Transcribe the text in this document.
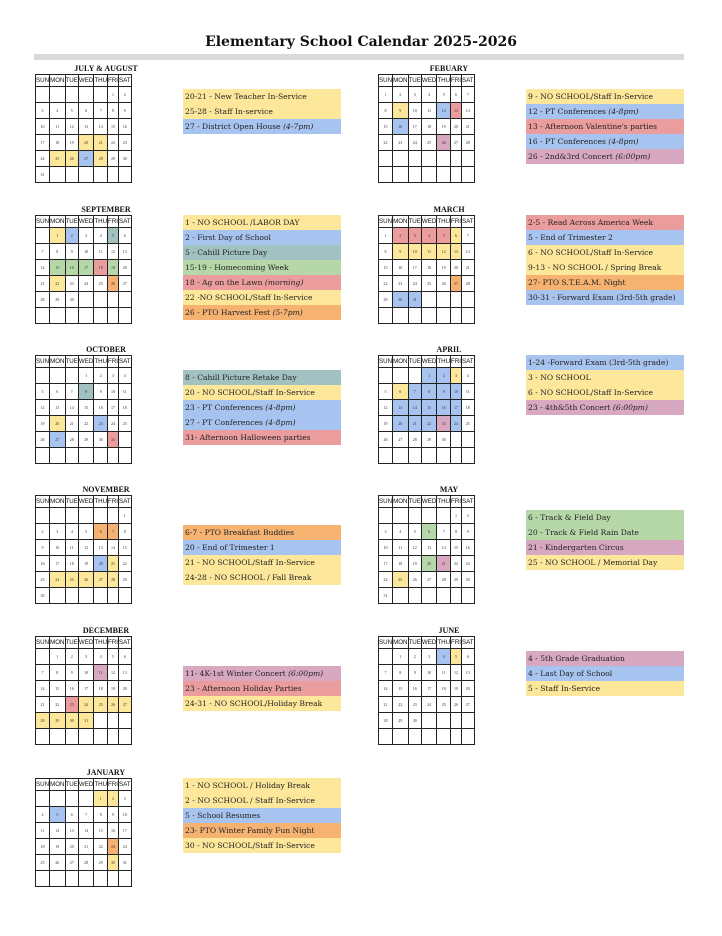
Elementary School Calendar 2025-2026
JULY & AUGUST
SUN	MON	TUE	WED	THU	FRI	SAT
					1	2
3	4	5	6	7	8	9
10	11	12	13	14	15	16
17	18	19	20	21	22	23
24	25	26	27	28	29	30
31						
20-21 - New Teacher In-Service
25-28 - Staff In-service
27 - District Open House (4-7pm)
SEPTEMBER
SUN	MON	TUE	WED	THU	FRI	SAT
	1	2	3	4	5	6
7	8	9	10	11	12	13
14	15	16	17	18	19	20
21	22	23	24	25	26	27
28	29	30				

1 - NO SCHOOL /LABOR DAY
2 - First Day of School
5 - Cahill Picture Day
15-19 - Homecoming Week
18 - Ag on the Lawn (morning)
22 -NO SCHOOL/Staff In-Service
26 - PTO Harvest Fest (5-7pm)
OCTOBER
SUN	MON	TUE	WED	THU	FRI	SAT
			1	2	3	4
5	6	7	8	9	10	11
12	13	14	15	16	17	18
19	20	21	22	23	24	25
26	27	28	29	30	31	

8 - Cahill Picture Retake Day
20 - NO SCHOOL/Staff In-Service
23 - PT Conferences (4-8pm)
27 - PT Conferences (4-8pm)
31- Afternoon Halloween parties
NOVEMBER
SUN	MON	TUE	WED	THU	FRI	SAT
						1
2	3	4	5	6	7	8
9	10	11	12	13	14	15
16	17	18	19	20	21	22
23	24	25	26	27	28	29
30						
6-7 - PTO Breakfast Buddies
20 - End of Trimester 1
21 - NO SCHOOL/Staff In-Service
24-28 - NO SCHOOL / Fall Break
DECEMBER
SUN	MON	TUE	WED	THU	FRI	SAT
	1	2	3	4	5	6
7	8	9	10	11	12	13
14	15	16	17	18	19	20
21	22	23	24	25	26	27
28	29	30	31			

11- 4K-1st Winter Concert (6:00pm)
23 - Afternoon Holiday Parties
24-31 - NO SCHOOL/Holiday Break
JANUARY
SUN	MON	TUE	WED	THU	FRI	SAT
				1	2	3
4	5	6	7	8	9	10
11	12	13	14	15	16	17
18	19	20	21	22	23	24
25	26	27	28	29	30	31

1 - NO SCHOOL / Holiday Break
2 - NO SCHOOL / Staff In-Service
5 - School Resumes
23- PTO Winter Family Fun Night
30 - NO SCHOOL/Staff In-Service
FEBUARY
SUN	MON	TUE	WED	THU	FRI	SAT
1	2	3	4	5	6	7
8	9	10	11	12	13	14
15	16	17	18	19	20	21
22	23	24	25	26	27	28

9 - NO SCHOOL/Staff In-Service
12 - PT Conferences (4-8pm)
13 - Afternoon Valentine's parties
16 - PT Conferences (4-8pm)
26 - 2nd&3rd Concert (6:00pm)
MARCH
SUN	MON	TUE	WED	THU	FRI	SAT
1	2	3	4	5	6	7
8	9	10	11	12	13	14
15	16	17	18	19	20	21
22	23	24	25	26	27	28
29	30	31				

2-5 - Read Across America Week
5 - End of Trimester 2
6 - NO SCHOOL/Staff In-Service
9-13 - NO SCHOOL / Spring Break
27- PTO S.T.E.A.M. Night
30-31 - Forward Exam (3rd-5th grade)
APRIL
SUN	MON	TUE	WED	THU	FRI	SAT
			1	2	3	4
5	6	7	8	9	10	11
12	13	14	15	16	17	18
19	20	21	22	23	24	25
26	27	28	29	30		

1-24 -Forward Exam (3rd-5th grade)
3 - NO SCHOOL
6 - NO SCHOOL/Staff In-Service
23 - 4th&5th Concert (6:00pm)
MAY
SUN	MON	TUE	WED	THU	FRI	SAT
					1	2
3	4	5	6	7	8	9
10	11	12	13	14	15	16
17	18	19	20	21	22	23
24	25	26	27	28	29	30
31						
6 - Track & Field Day
20 - Track & Field Rain Date
21 - Kindergarten Circus
25 - NO SCHOOL / Memorial Day
JUNE
SUN	MON	TUE	WED	THU	FRI	SAT
	1	2	3	4	5	6
7	8	9	10	11	12	13
14	15	16	17	18	19	20
21	22	23	24	25	26	27
28	29	30				

4 - 5th Grade Graduation
4 - Last Day of School
5 - Staff In-Service
